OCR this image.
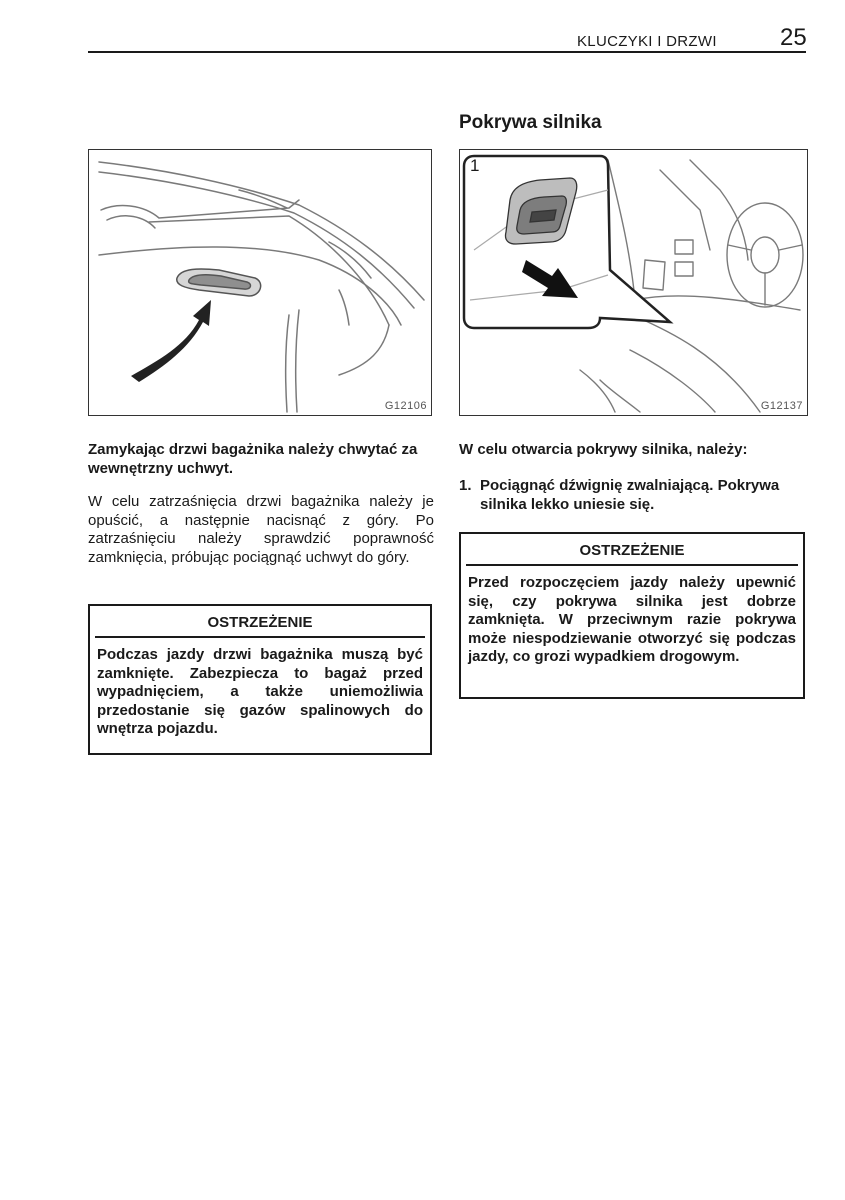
KLUCZYKI I DRZWI	25
Pokrywa silnika
G12106
1
G12137
Zamykając drzwi bagażnika należy chwytać za wewnętrzny uchwyt.
W celu zatrzaśnięcia drzwi bagażnika należy je opuścić, a następnie nacisnąć z góry. Po zatrzaśnięciu należy sprawdzić poprawność zamknięcia, próbując pociągnąć uchwyt do góry.
OSTRZEŻENIE
Podczas jazdy drzwi bagażnika muszą być zamknięte. Zabezpiecza to bagaż przed wypadnięciem, a także uniemożliwia przedostanie się gazów spalinowych do wnętrza pojazdu.
W celu otwarcia pokrywy silnika, należy:
1. Pociągnąć dźwignię zwalniającą. Pokrywa silnika lekko uniesie się.
OSTRZEŻENIE
Przed rozpoczęciem jazdy należy upewnić się, czy pokrywa silnika jest dobrze zamknięta. W przeciwnym razie pokrywa może niespodziewanie otworzyć się podczas jazdy, co grozi wypadkiem drogowym.
